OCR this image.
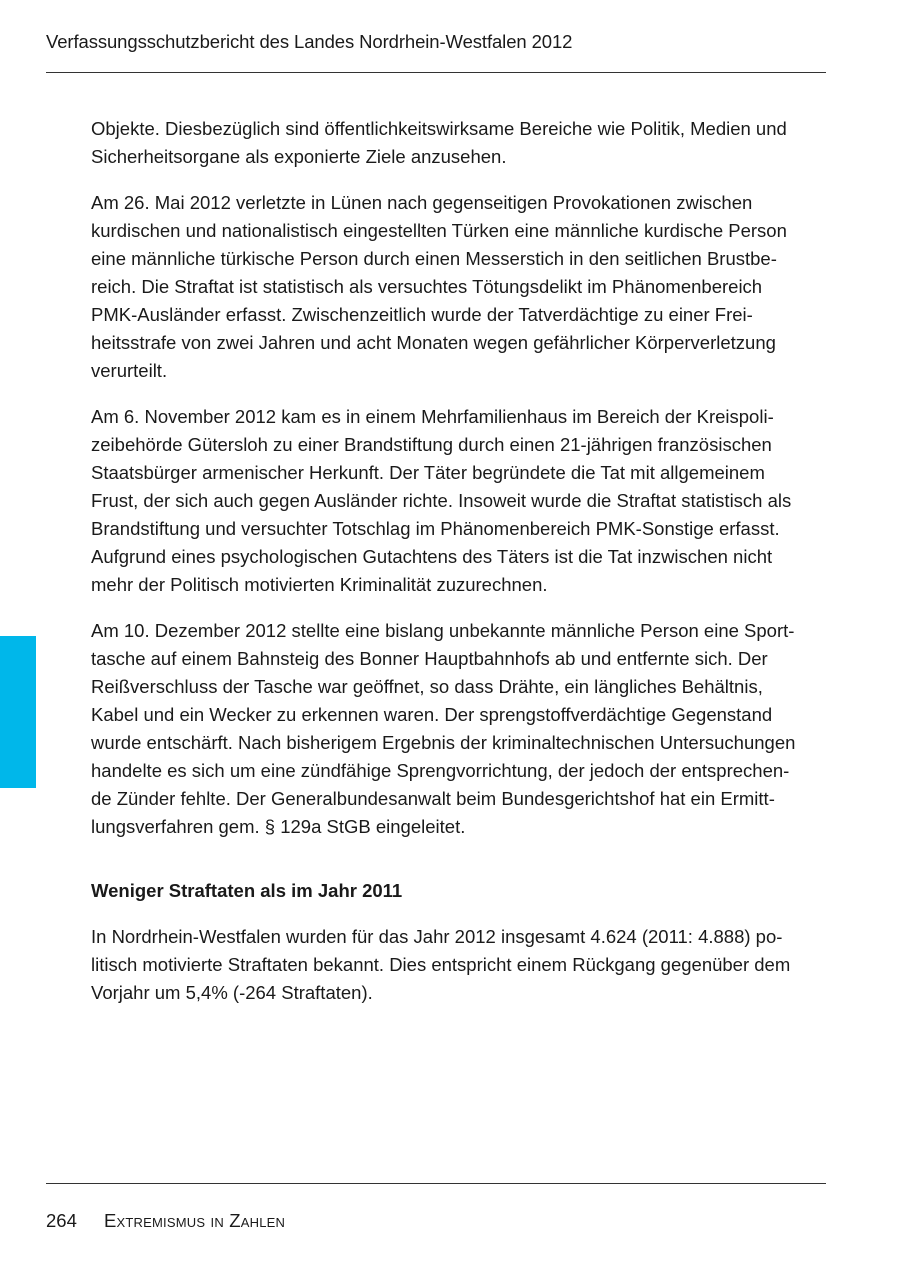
Verfassungsschutzbericht des Landes Nordrhein-Westfalen 2012

Objekte. Diesbezüglich sind öffentlichkeitswirksame Bereiche wie Politik, Medien und
Sicherheitsorgane als exponierte Ziele anzusehen.

Am 26. Mai 2012 verletzte in Lünen nach gegenseitigen Provokationen zwischen
kurdischen und nationalistisch eingestellten Türken eine männliche kurdische Person
eine männliche türkische Person durch einen Messerstich in den seitlichen Brustbe-
reich. Die Straftat ist statistisch als versuchtes Tötungsdelikt im Phänomenbereich
PMK-Ausländer erfasst. Zwischenzeitlich wurde der Tatverdächtige zu einer Frei-
heitsstrafe von zwei Jahren und acht Monaten wegen gefährlicher Körperverletzung
verurteilt.

Am 6. November 2012 kam es in einem Mehrfamilienhaus im Bereich der Kreispoli-
zeibehörde Gütersloh zu einer Brandstiftung durch einen 21-jährigen französischen
Staatsbürger armenischer Herkunft. Der Täter begründete die Tat mit allgemeinem
Frust, der sich auch gegen Ausländer richte. Insoweit wurde die Straftat statistisch als
Brandstiftung und versuchter Totschlag im Phänomenbereich PMK-Sonstige erfasst.
Aufgrund eines psychologischen Gutachtens des Täters ist die Tat inzwischen nicht
mehr der Politisch motivierten Kriminalität zuzurechnen.

Am 10. Dezember 2012 stellte eine bislang unbekannte männliche Person eine Sport-
tasche auf einem Bahnsteig des Bonner Hauptbahnhofs ab und entfernte sich. Der
Reißverschluss der Tasche war geöffnet, so dass Drähte, ein längliches Behältnis,
Kabel und ein Wecker zu erkennen waren. Der sprengstoffverdächtige Gegenstand
wurde entschärft. Nach bisherigem Ergebnis der kriminaltechnischen Untersuchungen
handelte es sich um eine zündfähige Sprengvorrichtung, der jedoch der entsprechen-
de Zünder fehlte. Der Generalbundesanwalt beim Bundesgerichtshof hat ein Ermitt-
lungsverfahren gem. § 129a StGB eingeleitet.

Weniger Straftaten als im Jahr 2011

In Nordrhein-Westfalen wurden für das Jahr 2012 insgesamt 4.624 (2011: 4.888) po-
litisch motivierte Straftaten bekannt. Dies entspricht einem Rückgang gegenüber dem
Vorjahr um 5,4% (-264 Straftaten).

264 Extremismus in Zahlen
